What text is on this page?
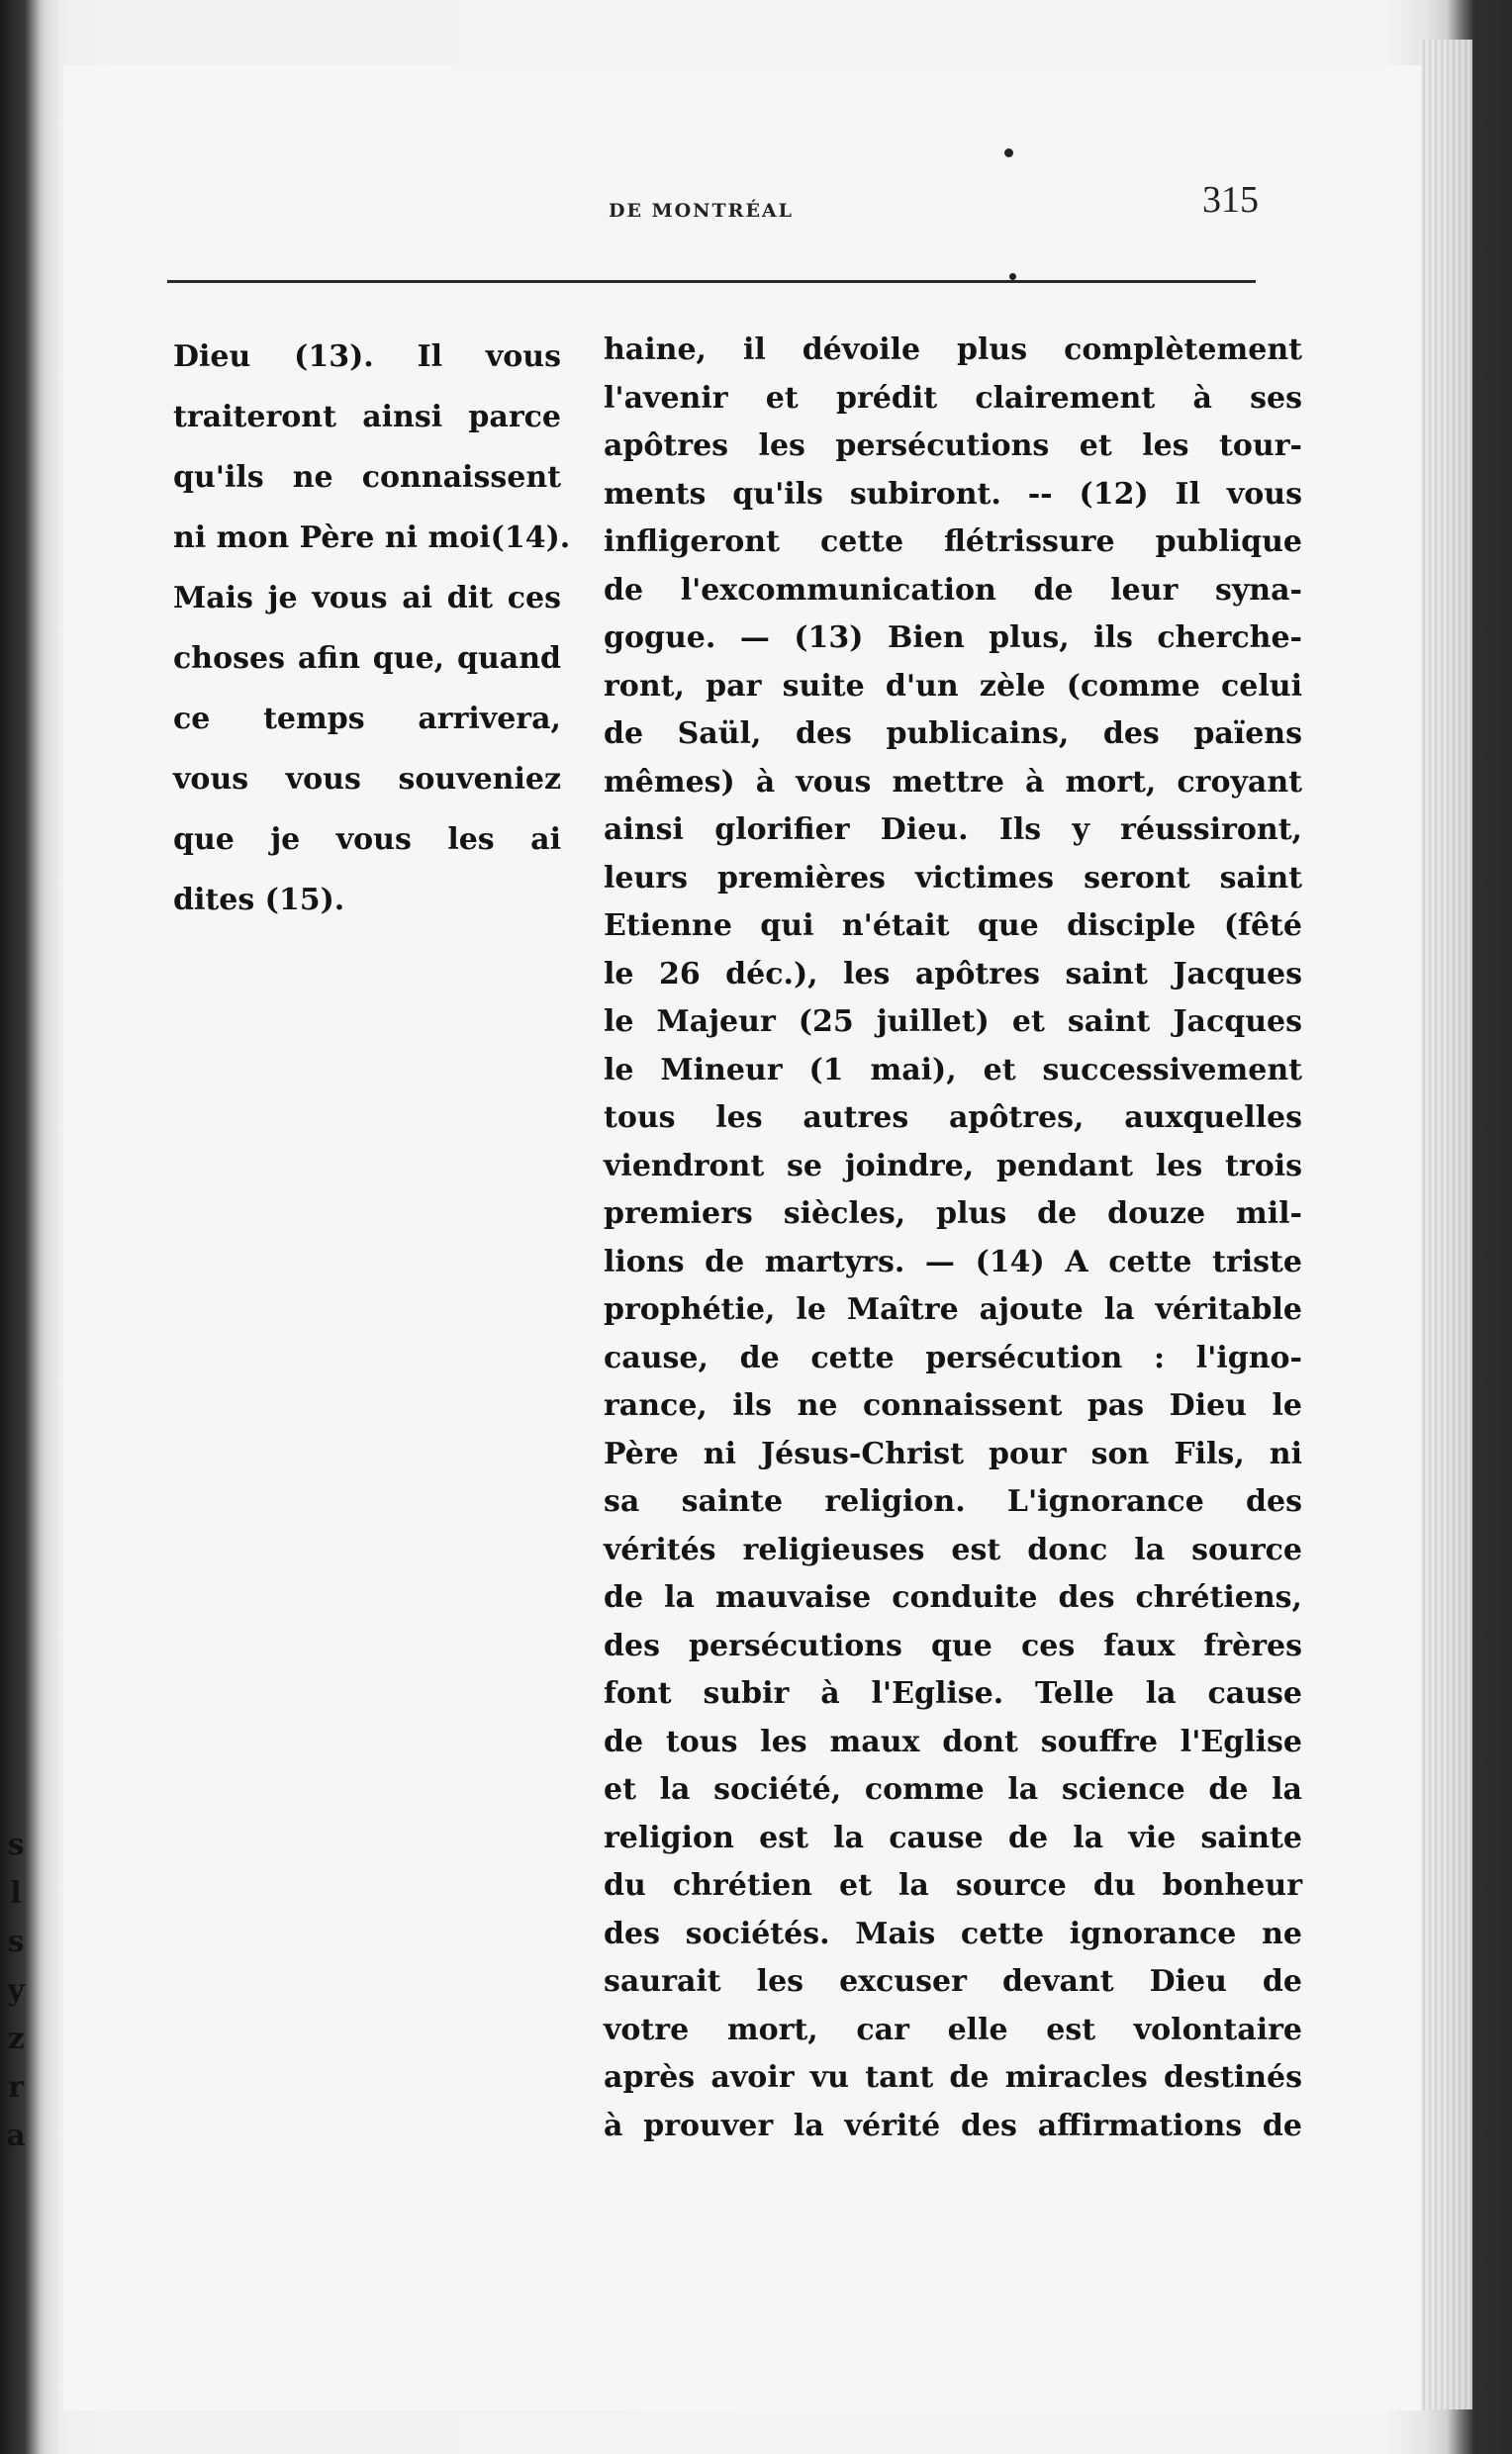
s
l
s
y
z
r
a
DE MONTRÉAL	315
Dieu (13). Il vous
traiteront ainsi parce
qu'ils ne connaissent
ni mon Père ni moi(14).
Mais je vous ai dit ces
choses afin que, quand
ce temps arrivera,
vous vous souveniez
que je vous les ai
dites (15).
haine, il dévoile plus complètement
l'avenir et prédit clairement à ses
apôtres les persécutions et les tour-
ments qu'ils subiront. -- (12) Il vous
infligeront cette flétrissure publique
de l'excommunication de leur syna-
gogue. — (13) Bien plus, ils cherche-
ront, par suite d'un zèle (comme celui
de Saül, des publicains, des païens
mêmes) à vous mettre à mort, croyant
ainsi glorifier Dieu. Ils y réussiront,
leurs premières victimes seront saint
Etienne qui n'était que disciple (fêté
le 26 déc.), les apôtres saint Jacques
le Majeur (25 juillet) et saint Jacques
le Mineur (1 mai), et successivement
tous les autres apôtres, auxquelles
viendront se joindre, pendant les trois
premiers siècles, plus de douze mil-
lions de martyrs. — (14) A cette triste
prophétie, le Maître ajoute la véritable
cause, de cette persécution : l'igno-
rance, ils ne connaissent pas Dieu le
Père ni Jésus-Christ pour son Fils, ni
sa sainte religion. L'ignorance des
vérités religieuses est donc la source
de la mauvaise conduite des chrétiens,
des persécutions que ces faux frères
font subir à l'Eglise. Telle la cause
de tous les maux dont souffre l'Eglise
et la société, comme la science de la
religion est la cause de la vie sainte
du chrétien et la source du bonheur
des sociétés. Mais cette ignorance ne
saurait les excuser devant Dieu de
votre mort, car elle est volontaire
après avoir vu tant de miracles destinés
à prouver la vérité des affirmations de
